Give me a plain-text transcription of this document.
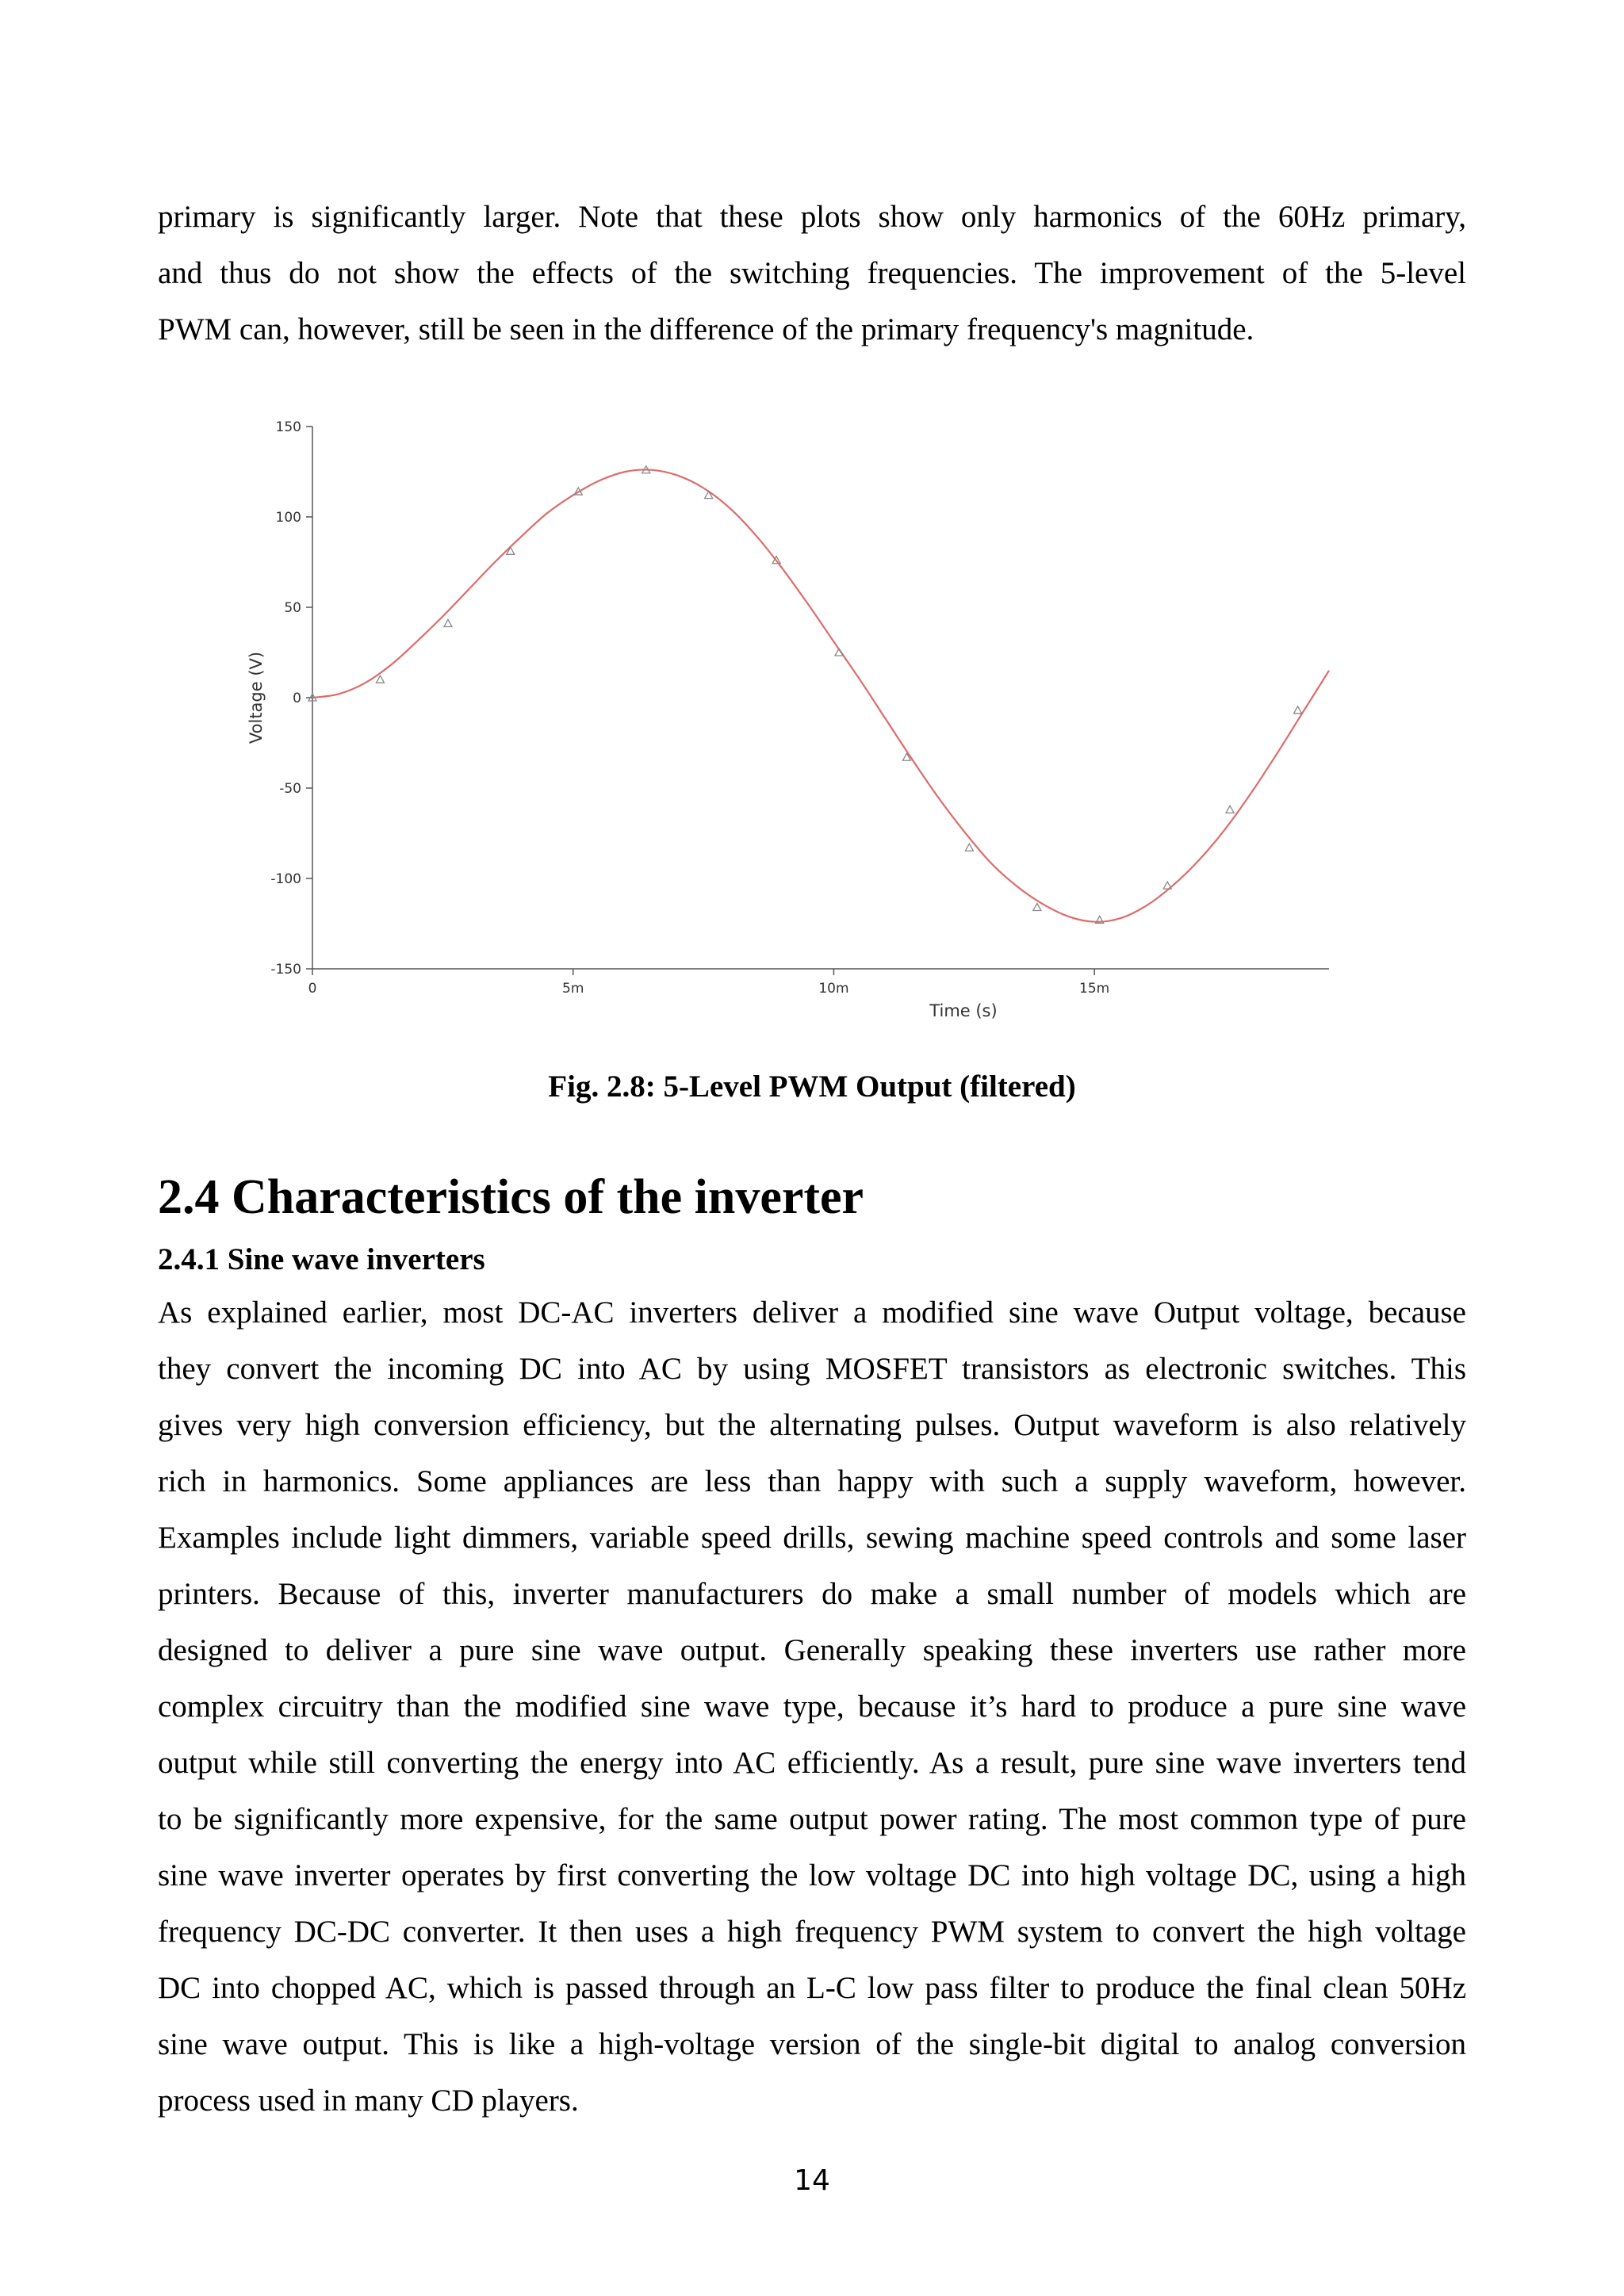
primary is significantly larger. Note that these plots show only harmonics of the 60Hz primary,
and thus do not show the effects of the switching frequencies. The improvement of the 5-level
PWM can, however, still be seen in the difference of the primary frequency's magnitude.
150
100
50
0
-50
-100
-150
0	5m	10m	15m
Time (s)
Voltage (V)
Fig. 2.8: 5-Level PWM Output (filtered)
2.4 Characteristics of the inverter
2.4.1 Sine wave inverters
As explained earlier, most DC-AC inverters deliver a modified sine wave Output voltage, because
they convert the incoming DC into AC by using MOSFET transistors as electronic switches. This
gives very high conversion efficiency, but the alternating pulses. Output waveform is also relatively
rich in harmonics. Some appliances are less than happy with such a supply waveform, however.
Examples include light dimmers, variable speed drills, sewing machine speed controls and some laser
printers. Because of this, inverter manufacturers do make a small number of models which are
designed to deliver a pure sine wave output. Generally speaking these inverters use rather more
complex circuitry than the modified sine wave type, because it’s hard to produce a pure sine wave
output while still converting the energy into AC efficiently. As a result, pure sine wave inverters tend
to be significantly more expensive, for the same output power rating. The most common type of pure
sine wave inverter operates by first converting the low voltage DC into high voltage DC, using a high
frequency DC-DC converter. It then uses a high frequency PWM system to convert the high voltage
DC into chopped AC, which is passed through an L-C low pass filter to produce the final clean 50Hz
sine wave output. This is like a high-voltage version of the single-bit digital to analog conversion
process used in many CD players.
14
